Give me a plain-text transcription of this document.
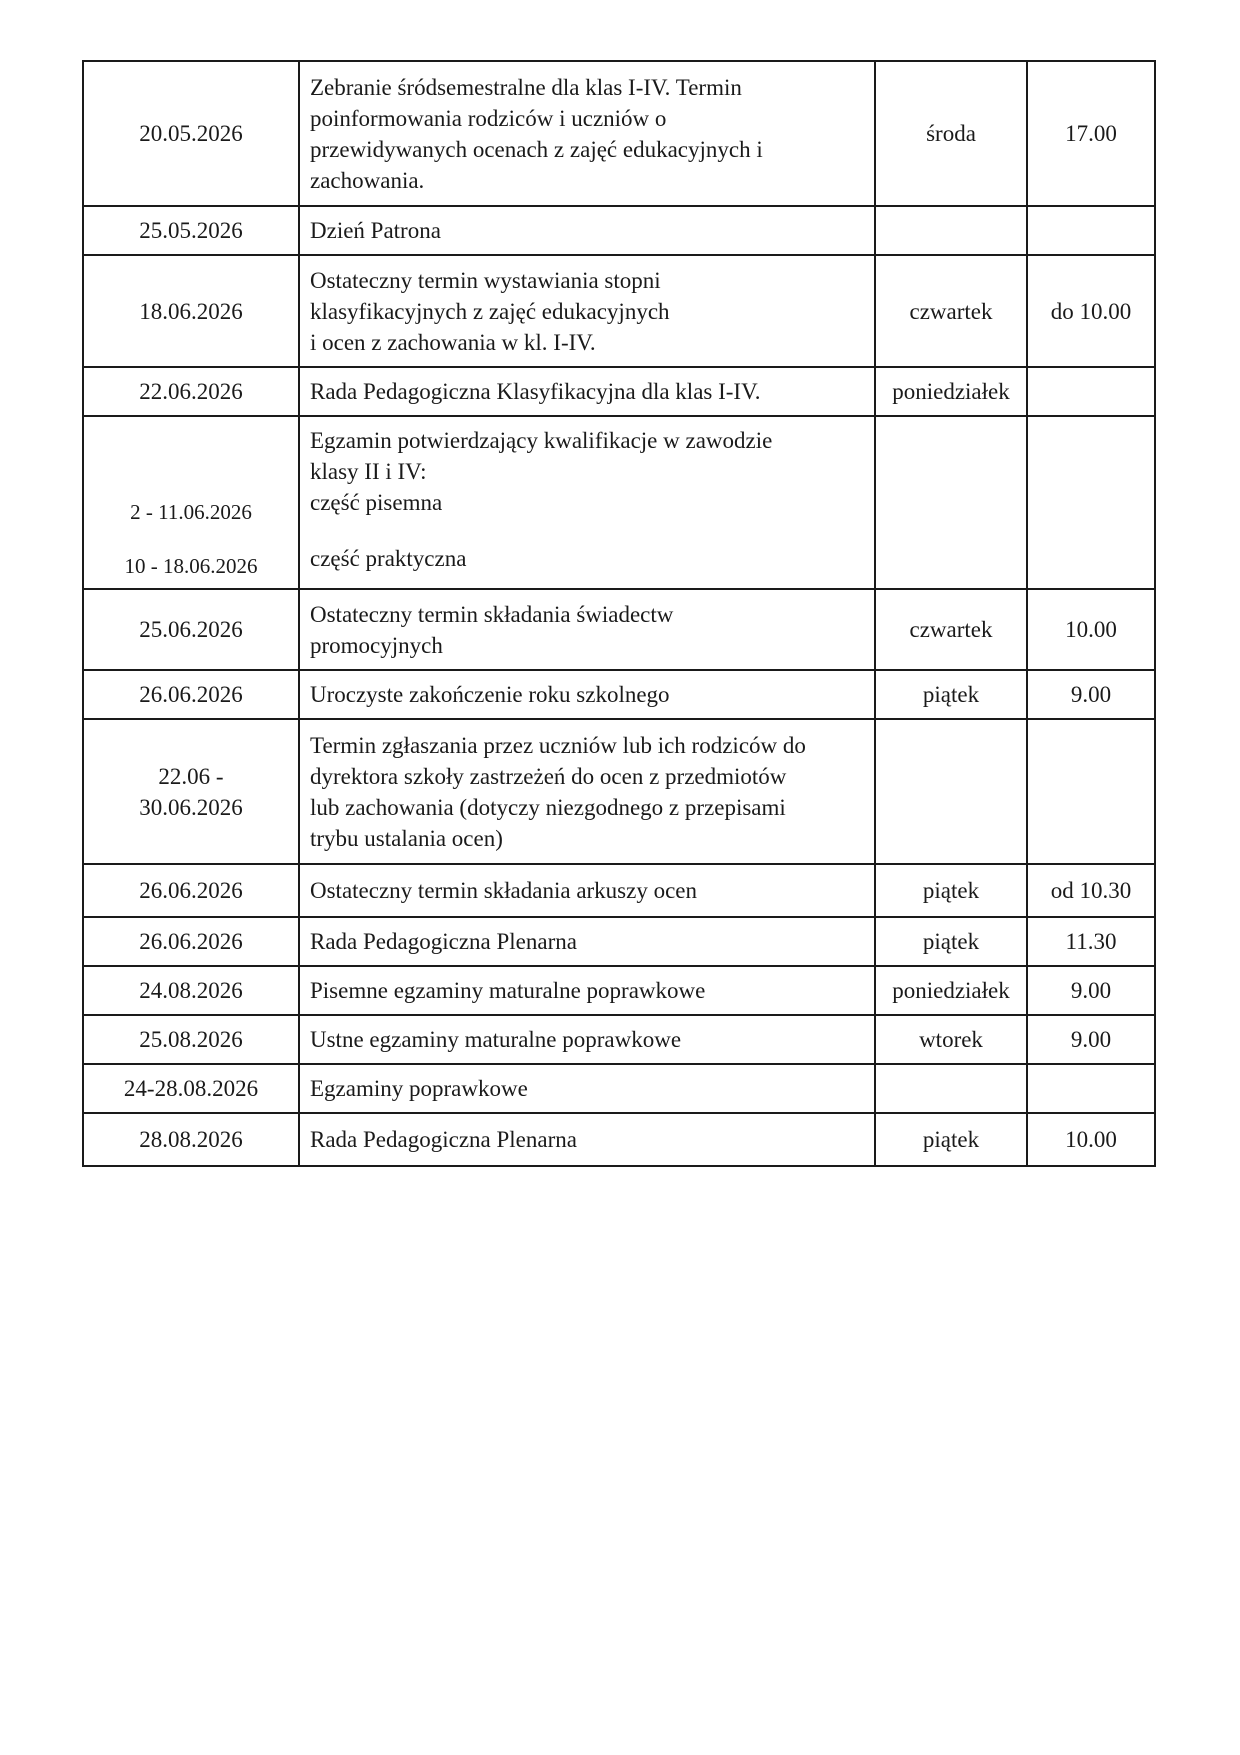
20.05.2026	Zebranie śródsemestralne dla klas I-IV. Termin
poinformowania rodziców i uczniów o
przewidywanych ocenach z zajęć edukacyjnych i
zachowania.	środa	17.00

25.05.2026	Dzień Patrona		

18.06.2026	Ostateczny termin wystawiania stopni
klasyfikacyjnych z zajęć edukacyjnych
i ocen z zachowania w kl. I-IV.	czwartek	do 10.00

22.06.2026	Rada Pedagogiczna Klasyfikacyjna dla klas I-IV.	poniedziałek	

2 - 11.06.2026
10 - 18.06.2026	Egzamin potwierdzający kwalifikacje w zawodzie
klasy II i IV:
część pisemna
część praktyczna		

25.06.2026	Ostateczny termin składania świadectw
promocyjnych	czwartek	10.00

26.06.2026	Uroczyste zakończenie roku szkolnego	piątek	9.00

22.06 -
30.06.2026	Termin zgłaszania przez uczniów lub ich rodziców do
dyrektora szkoły zastrzeżeń do ocen z przedmiotów
lub zachowania (dotyczy niezgodnego z przepisami
trybu ustalania ocen)		

26.06.2026	Ostateczny termin składania arkuszy ocen	piątek	od 10.30

26.06.2026	Rada Pedagogiczna Plenarna	piątek	11.30

24.08.2026	Pisemne egzaminy maturalne poprawkowe	poniedziałek	9.00

25.08.2026	Ustne egzaminy maturalne poprawkowe	wtorek	9.00

24-28.08.2026	Egzaminy poprawkowe		

28.08.2026	Rada Pedagogiczna Plenarna	piątek	10.00
